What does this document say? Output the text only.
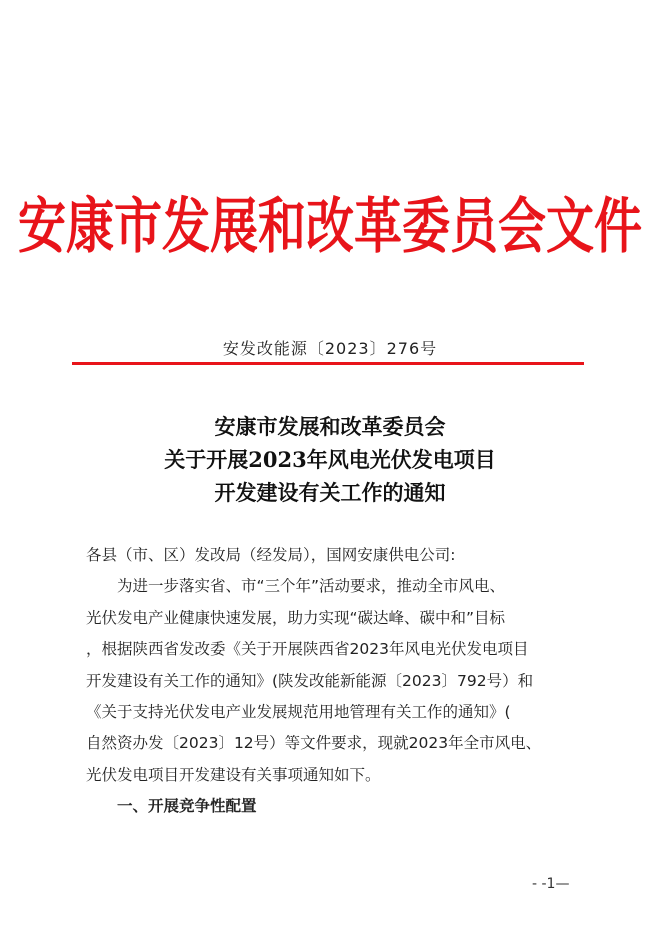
安康市发展和改革委员会文件
安发改能源〔2023〕276号
安康市发展和改革委员会
关于开展2023年风电光伏发电项目
开发建设有关工作的通知

各县（市、区）发改局（经发局），国网安康供电公司:

为进一步落实省、市“三个年”活动要求，推动全市风电、

光伏发电产业健康快速发展，助力实现“碳达峰、碳中和”目标

，根据陕西省发改委《关于开展陕西省2023年风电光伏发电项目

开发建设有关工作的通知》(陕发改能新能源〔2023〕792号）和

《关于支持光伏发电产业发展规范用地管理有关工作的通知》(

自然资办发〔2023〕12号）等文件要求，现就2023年全市风电、

光伏发电项目开发建设有关事项通知如下。

一、开展竞争性配置

- -1—
